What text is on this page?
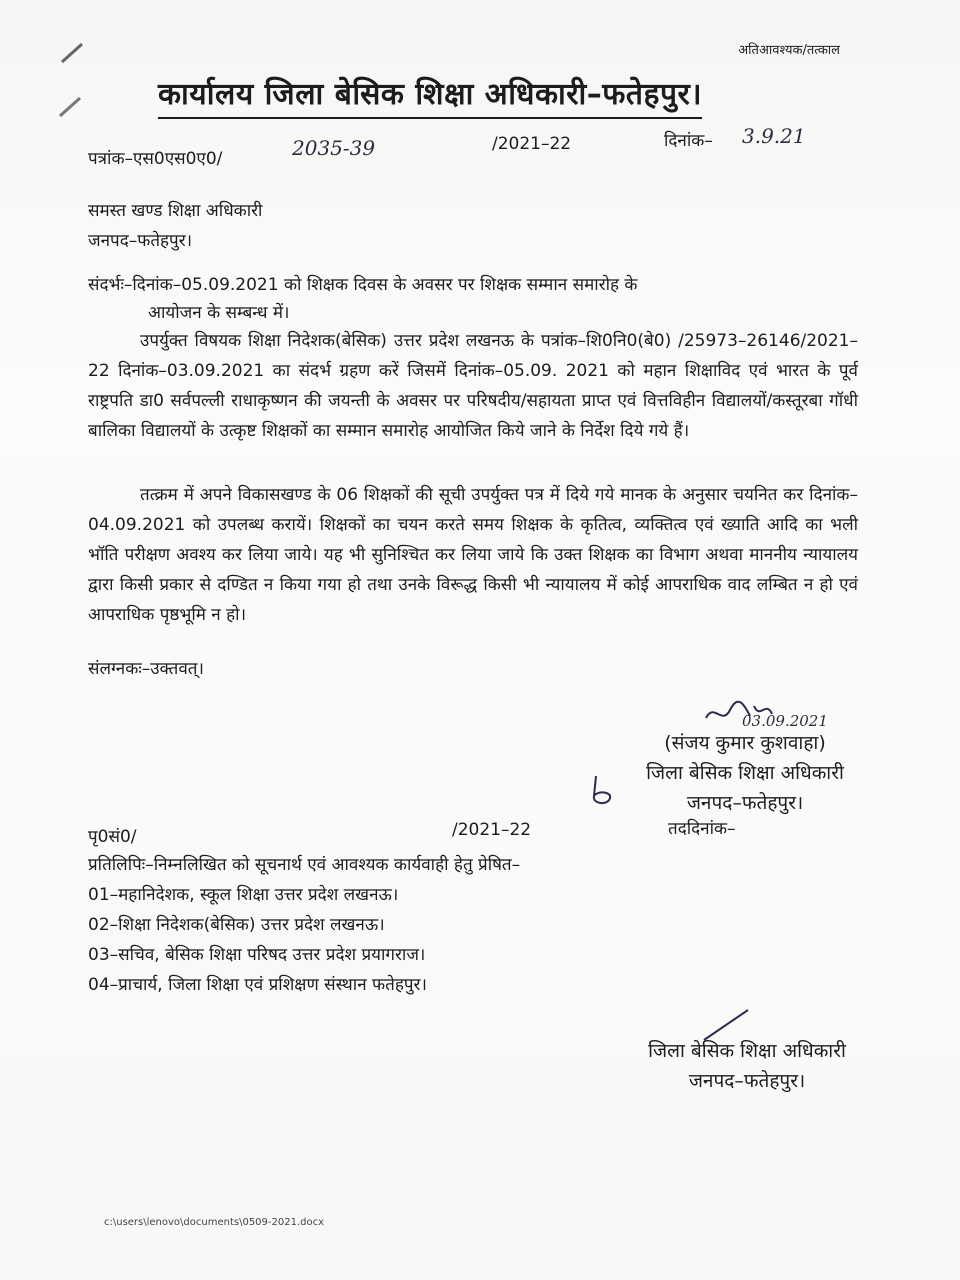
अतिआवश्यक/तत्काल
कार्यालय जिला बेसिक शिक्षा अधिकारी–फतेहपुर।
पत्रांक–एस0एस0ए0/	2035-39	/2021–22	दिनांक– 3.9.21
समस्त खण्ड शिक्षा अधिकारी
जनपद–फतेहपुर।
संदर्भः–दिनांक–05.09.2021 को शिक्षक दिवस के अवसर पर शिक्षक सम्मान समारोह के
आयोजन के सम्बन्ध में।
उपर्युक्त विषयक शिक्षा निदेशक(बेसिक) उत्तर प्रदेश लखनऊ के पत्रांक–शि0नि0(बे0) /25973–26146/2021–22 दिनांक–03.09.2021 का संदर्भ ग्रहण करें जिसमें दिनांक–05.09. 2021 को महान शिक्षाविद एवं भारत के पूर्व राष्ट्रपति डा0 सर्वपल्ली राधाकृष्णन की जयन्ती के अवसर पर परिषदीय/सहायता प्राप्त एवं वित्तविहीन विद्यालयों/कस्तूरबा गॉधी बालिका विद्यालयों के उत्कृष्ट शिक्षकों का सम्मान समारोह आयोजित किये जाने के निर्देश दिये गये हैं।
तत्क्रम में अपने विकासखण्ड के 06 शिक्षकों की सूची उपर्युक्त पत्र में दिये गये मानक के अनुसार चयनित कर दिनांक–04.09.2021 को उपलब्ध करायें। शिक्षकों का चयन करते समय शिक्षक के कृतित्व, व्यक्तित्व एवं ख्याति आदि का भली भॉति परीक्षण अवश्य कर लिया जाये। यह भी सुनिश्चित कर लिया जाये कि उक्त शिक्षक का विभाग अथवा माननीय न्यायालय द्वारा किसी प्रकार से दण्डित न किया गया हो तथा उनके विरूद्ध किसी भी न्यायालय में कोई आपराधिक वाद लम्बित न हो एवं आपराधिक पृष्ठभूमि न हो।
संलग्नकः–उक्तवत्।
03.09.2021
(संजय कुमार कुशवाहा)
जिला बेसिक शिक्षा अधिकारी
जनपद–फतेहपुर।
पृ0सं0/	/2021–22	तददिनांक–
प्रतिलिपिः–निम्नलिखित को सूचनार्थ एवं आवश्यक कार्यवाही हेतु प्रेषित–
01–महानिदेशक, स्कूल शिक्षा उत्तर प्रदेश लखनऊ।
02–शिक्षा निदेशक(बेसिक) उत्तर प्रदेश लखनऊ।
03–सचिव, बेसिक शिक्षा परिषद उत्तर प्रदेश प्रयागराज।
04–प्राचार्य, जिला शिक्षा एवं प्रशिक्षण संस्थान फतेहपुर।
जिला बेसिक शिक्षा अधिकारी
जनपद–फतेहपुर।
c:\users\lenovo\documents\0509-2021.docx
